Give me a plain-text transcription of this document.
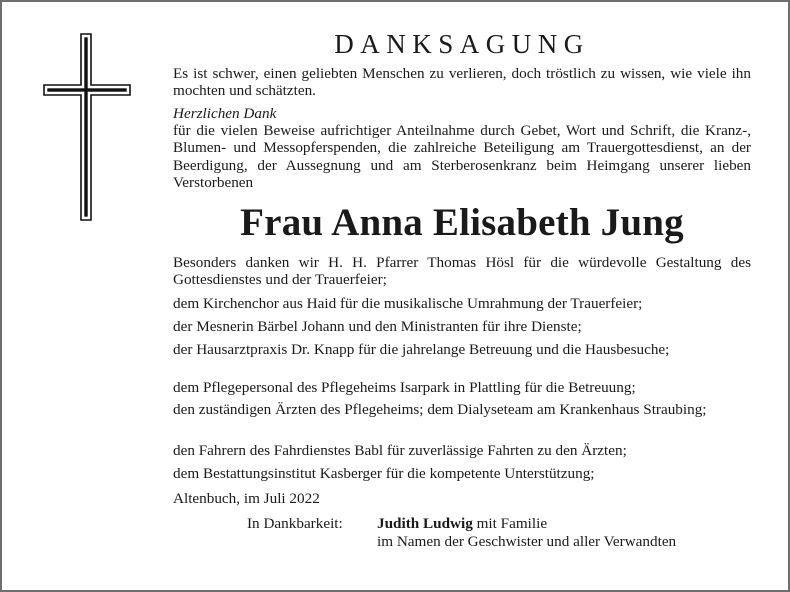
DANKSAGUNG

Es ist schwer, einen geliebten Menschen zu verlieren, doch tröstlich zu wissen, wie viele ihn mochten und schätzten.

Herzlichen Dank

für die vielen Beweise aufrichtiger Anteilnahme durch Gebet, Wort und Schrift, die Kranz-, Blumen- und Messopferspenden, die zahlreiche Beteiligung am Trauergottesdienst, an der Beerdigung, der Aussegnung und am Sterberosenkranz beim Heimgang unserer lieben Verstorbenen

Frau Anna Elisabeth Jung

Besonders danken wir H. H. Pfarrer Thomas Hösl für die würdevolle Gestaltung des Gottesdienstes und der Trauerfeier;

dem Kirchenchor aus Haid für die musikalische Umrahmung der Trauerfeier;

der Mesnerin Bärbel Johann und den Ministranten für ihre Dienste;

der Hausarztpraxis Dr. Knapp für die jahrelange Betreuung und die Hausbesuche;

dem Pflegepersonal des Pflegeheims Isarpark in Plattling für die Betreuung;

den zuständigen Ärzten des Pflegeheims; dem Dialyseteam am Krankenhaus Straubing;

den Fahrern des Fahrdienstes Babl für zuverlässige Fahrten zu den Ärzten;

dem Bestattungsinstitut Kasberger für die kompetente Unterstützung;

Altenbuch, im Juli 2022

In Dankbarkeit: Judith Ludwig mit Familie
im Namen der Geschwister und aller Verwandten
